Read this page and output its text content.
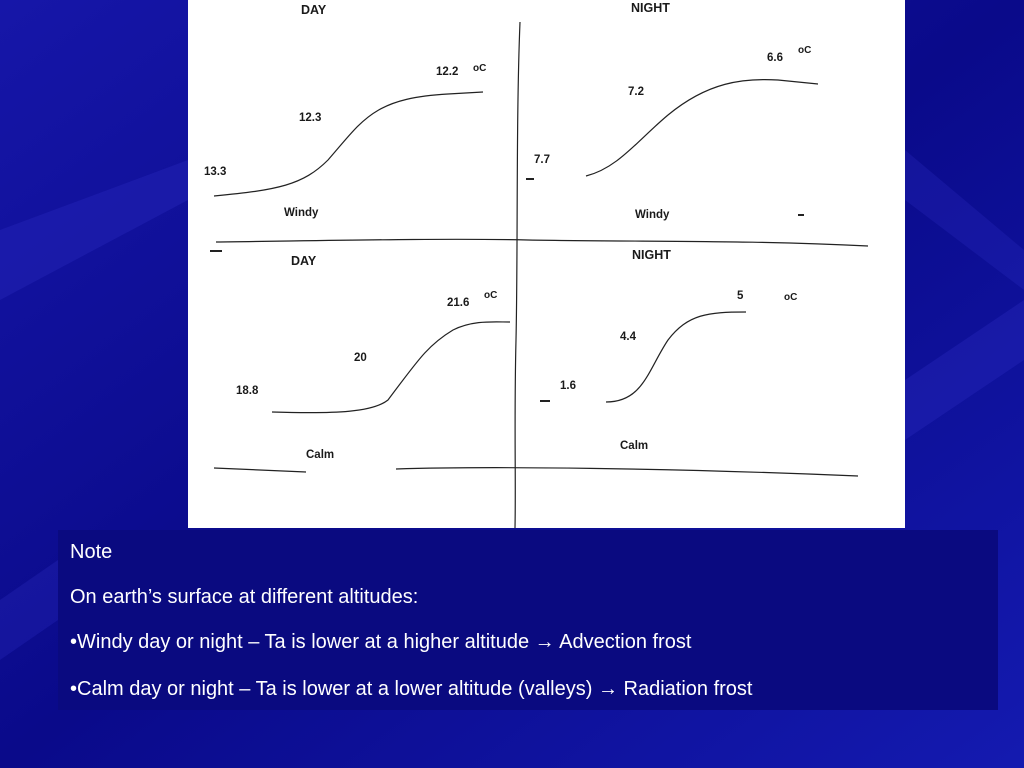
DAY
12.2 oC
12.3
13.3
Windy
NIGHT
6.6
oC
7.2
7.7
Windy
DAY
21.6
oC
20
18.8
Calm
NIGHT
5	oC
4.4
1.6
Calm

Note

On earth’s surface at different altitudes:

•Windy day or night – Ta is lower at a higher altitude → Advection frost

•Calm day or night – Ta is lower at a lower altitude (valleys) → Radiation frost
